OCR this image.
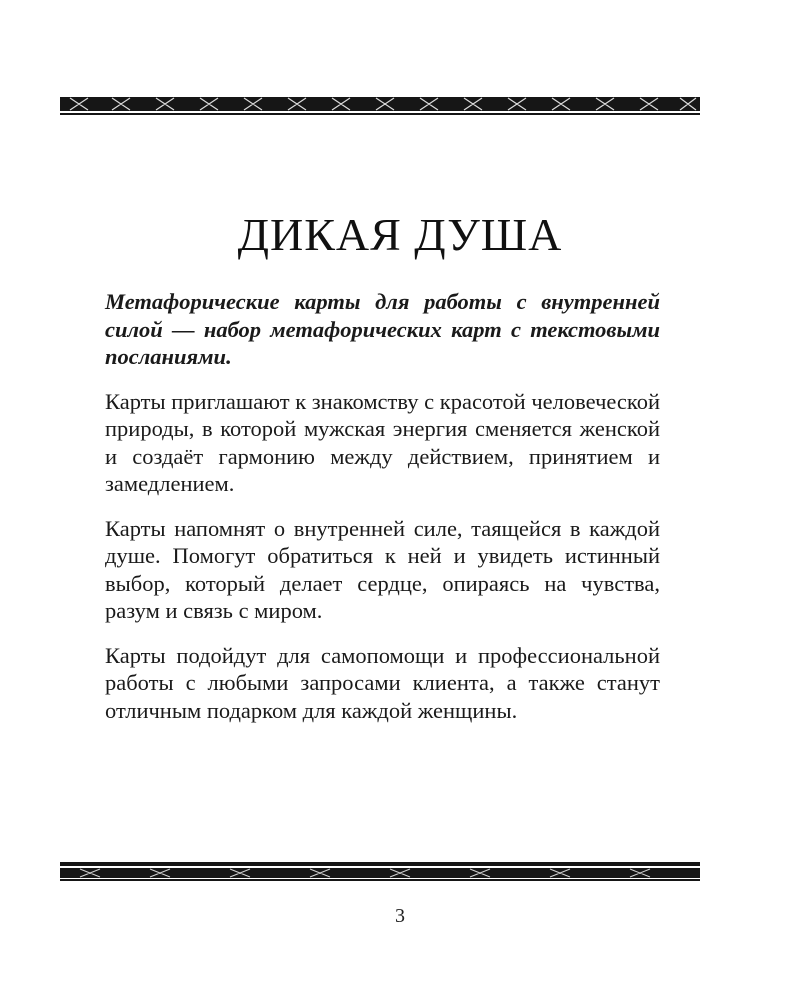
ДИКАЯ ДУША

Метафорические карты для работы с внутренней силой — набор метафорических карт с текстовыми посланиями.

Карты приглашают к знакомству с красотой человеческой природы, в которой мужская энергия сменяется женской и создаёт гармонию между действием, принятием и замедлением.

Карты напомнят о внутренней силе, таящейся в каждой душе. Помогут обратиться к ней и увидеть истинный выбор, который делает сердце, опираясь на чувства, разум и связь с миром.

Карты подойдут для самопомощи и профессиональной работы с любыми запросами клиента, а также станут отличным подарком для каждой женщины.

3
